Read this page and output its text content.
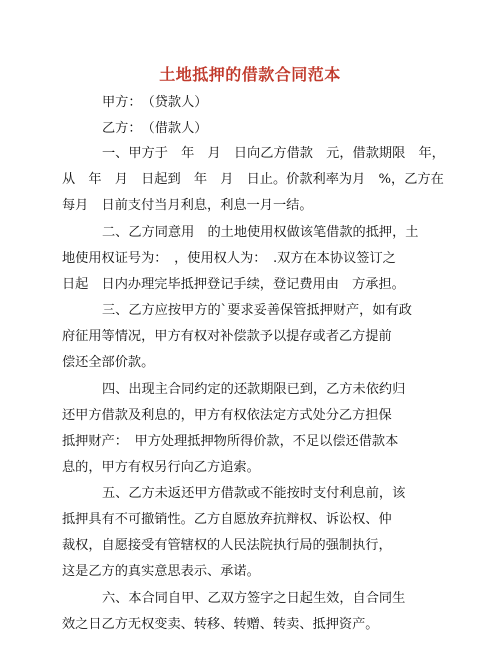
土地抵押的借款合同范本
甲方：　（贷款人）
乙方：　（借款人）
一、甲方于　年　月　日向乙方借款　元，借款期限　年，
从　年　月　日起到　年　月　日止。价款利率为月　%，乙方在
每月　日前支付当月利息，利息一月一结。
二、乙方同意用　的土地使用权做该笔借款的抵押，土
地使用权证号为：　，使用权人为：　.双方在本协议签订之
日起　日内办理完毕抵押登记手续，登记费用由　方承担。
三、乙方应按甲方的`要求妥善保管抵押财产，如有政
府征用等情况，甲方有权对补偿款予以提存或者乙方提前
偿还全部价款。
四、出现主合同约定的还款期限已到，乙方未依约归
还甲方借款及利息的，甲方有权依法定方式处分乙方担保
抵押财产：　甲方处理抵押物所得价款，不足以偿还借款本
息的，甲方有权另行向乙方追索。
五、乙方未返还甲方借款或不能按时支付利息前，该
抵押具有不可撤销性。乙方自愿放弃抗辩权、诉讼权、仲
裁权，自愿接受有管辖权的人民法院执行局的强制执行，
这是乙方的真实意思表示、承诺。
六、本合同自甲、乙双方签字之日起生效，自合同生
效之日乙方无权变卖、转移、转赠、转卖、抵押资产。
